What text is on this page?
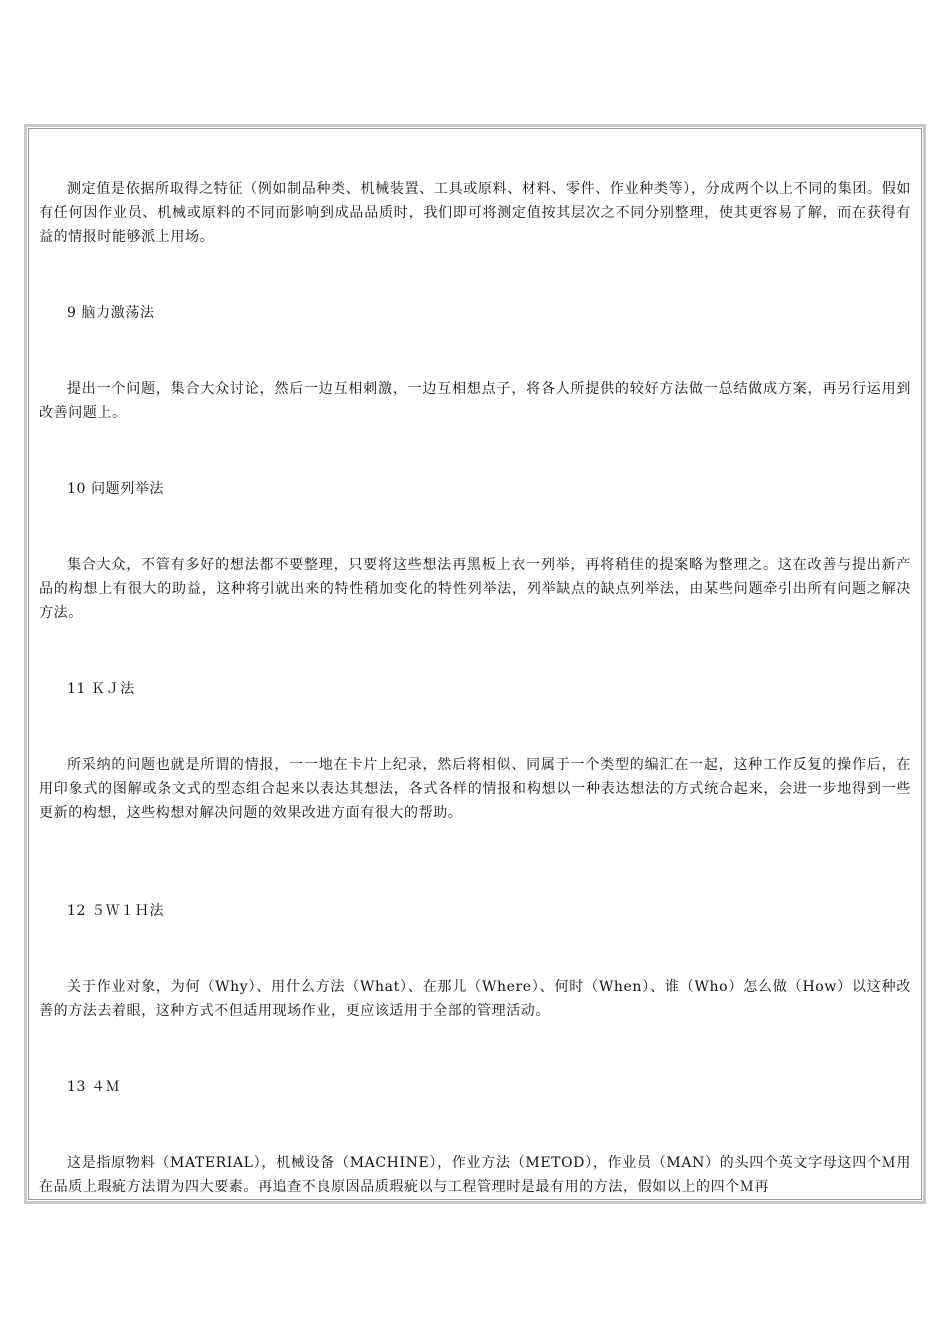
测定值是依据所取得之特征（例如制品种类、机械装置、工具或原料、材料、零件、作业种类等），分成两个以上不同的集团。假如有任何因作业员、机械或原料的不同而影响到成品品质时，我们即可将测定值按其层次之不同分别整理，使其更容易了解，而在获得有益的情报时能够派上用场。

9 脑力激荡法

提出一个问题，集合大众讨论，然后一边互相刺激，一边互相想点子，将各人所提供的较好方法做一总结做成方案，再另行运用到改善问题上。

10 问题列举法

集合大众，不管有多好的想法都不要整理，只要将这些想法再黑板上衣一列举，再将稍佳的提案略为整理之。这在改善与提出新产品的构想上有很大的助益，这种将引就出来的特性稍加变化的特性列举法，列举缺点的缺点列举法，由某些问题牵引出所有问题之解决方法。

11 ＫＪ法

所采纳的问题也就是所谓的情报，一一地在卡片上纪录，然后将相似、同属于一个类型的编汇在一起，这种工作反复的操作后，在用印象式的图解或条文式的型态组合起来以表达其想法，各式各样的情报和构想以一种表达想法的方式统合起来，会进一步地得到一些更新的构想，这些构想对解决问题的效果改进方面有很大的帮助。

12 ５Ｗ１Ｈ法

关于作业对象，为何（Why）、用什么方法（What）、在那儿（Where）、何时（When）、谁（Who）怎么做（How）以这种改善的方法去着眼，这种方式不但适用现场作业，更应该适用于全部的管理活动。

13 ４Ｍ

这是指原物料（MATERIAL），机械设备（MACHINE），作业方法（METOD），作业员（MAN）的头四个英文字母这四个Ｍ用在品质上瑕疵方法谓为四大要素。再追查不良原因品质瑕疵以与工程管理时是最有用的方法，假如以上的四个Ｍ再
